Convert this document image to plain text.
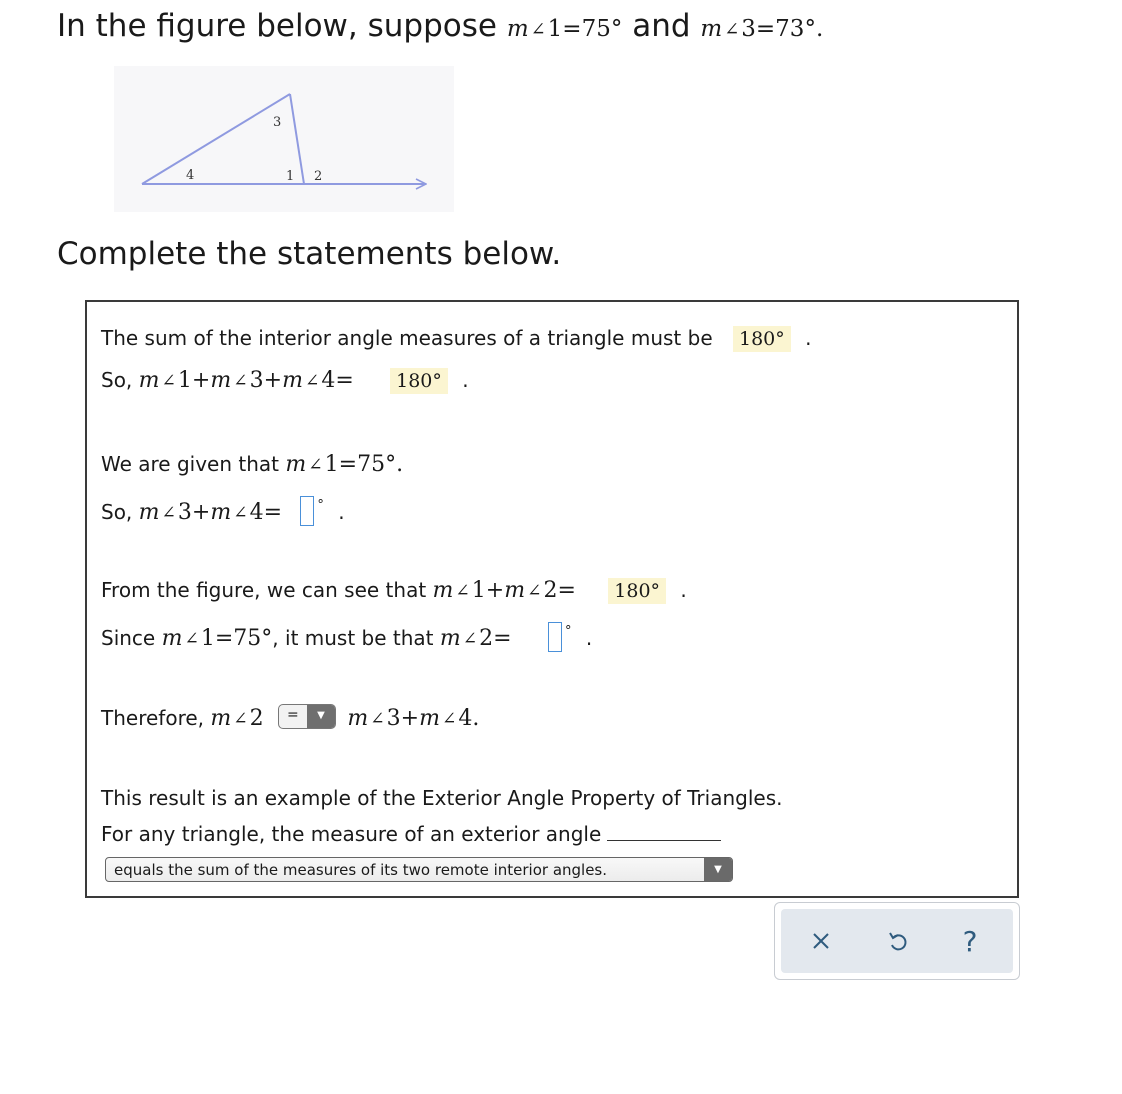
In the figure below, suppose m ∠1=75° and m ∠3=73°.
3
4	1 2
Complete the statements below.
The sum of the interior angle measures of a triangle must be 180° .
So, m ∠1+m ∠3+m ∠4= 180° .
We are given that m ∠1=75°.
So, m ∠3+m ∠4=	° .
From the figure, we can see that m ∠1+m ∠2= 180° .
Since m ∠1=75°, it must be that m ∠2=	° .
Therefore, m ∠2 =	▼	m ∠3+m ∠4.
This result is an example of the Exterior Angle Property of Triangles.
For any triangle, the measure of an exterior angle
equals the sum of the measures of its two remote interior angles.	▼
?
